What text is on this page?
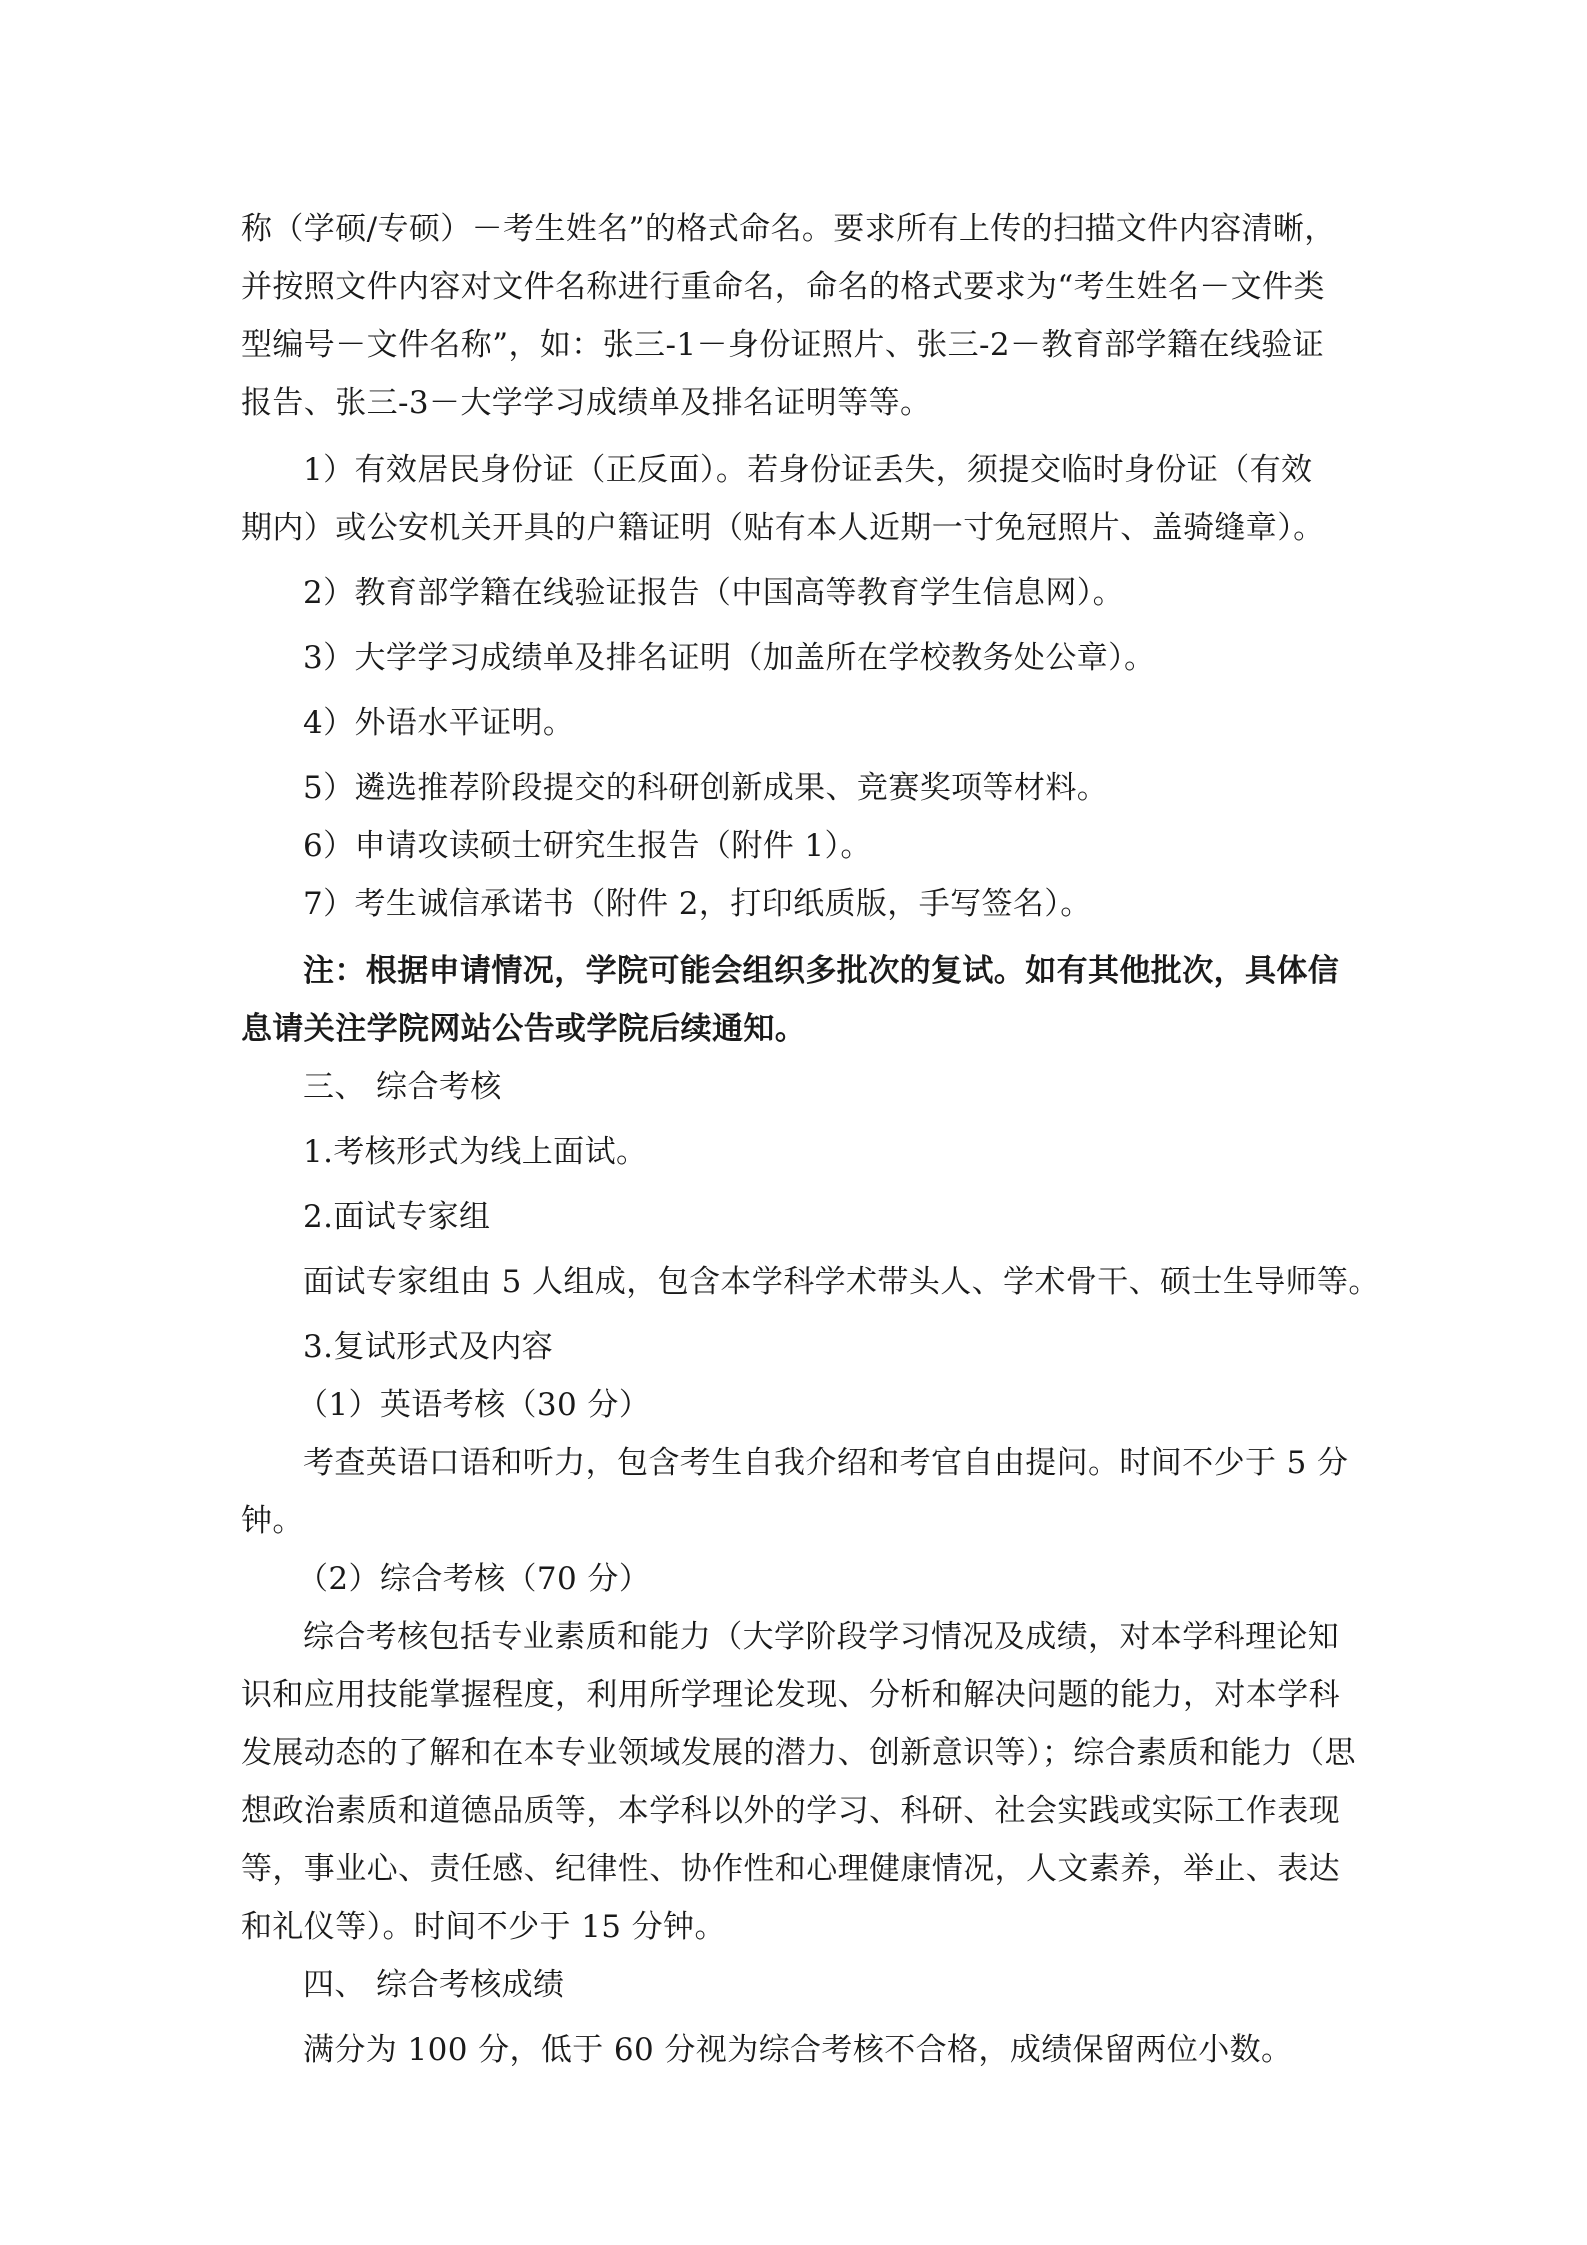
称（学硕/专硕）－考生姓名”的格式命名。要求所有上传的扫描文件内容清晰，
并按照文件内容对文件名称进行重命名，命名的格式要求为“考生姓名－文件类
型编号－文件名称”，如：张三-1－身份证照片、张三-2－教育部学籍在线验证
报告、张三-3－大学学习成绩单及排名证明等等。
1）有效居民身份证（正反面）。若身份证丢失，须提交临时身份证（有效
期内）或公安机关开具的户籍证明（贴有本人近期一寸免冠照片、盖骑缝章）。
2）教育部学籍在线验证报告（中国高等教育学生信息网）。
3）大学学习成绩单及排名证明（加盖所在学校教务处公章）。
4）外语水平证明。
5）遴选推荐阶段提交的科研创新成果、竞赛奖项等材料。
6）申请攻读硕士研究生报告（附件 1）。
7）考生诚信承诺书（附件 2，打印纸质版，手写签名）。
注：根据申请情况，学院可能会组织多批次的复试。如有其他批次，具体信
息请关注学院网站公告或学院后续通知。
三、 综合考核
1.考核形式为线上面试。
2.面试专家组
面试专家组由 5 人组成，包含本学科学术带头人、学术骨干、硕士生导师等。
3.复试形式及内容
（1）英语考核（30 分）
考查英语口语和听力，包含考生自我介绍和考官自由提问。时间不少于 5 分
钟。
（2）综合考核（70 分）
综合考核包括专业素质和能力（大学阶段学习情况及成绩，对本学科理论知
识和应用技能掌握程度，利用所学理论发现、分析和解决问题的能力，对本学科
发展动态的了解和在本专业领域发展的潜力、创新意识等）；综合素质和能力（思
想政治素质和道德品质等，本学科以外的学习、科研、社会实践或实际工作表现
等，事业心、责任感、纪律性、协作性和心理健康情况，人文素养，举止、表达
和礼仪等）。时间不少于 15 分钟。
四、 综合考核成绩
满分为 100 分，低于 60 分视为综合考核不合格，成绩保留两位小数。
